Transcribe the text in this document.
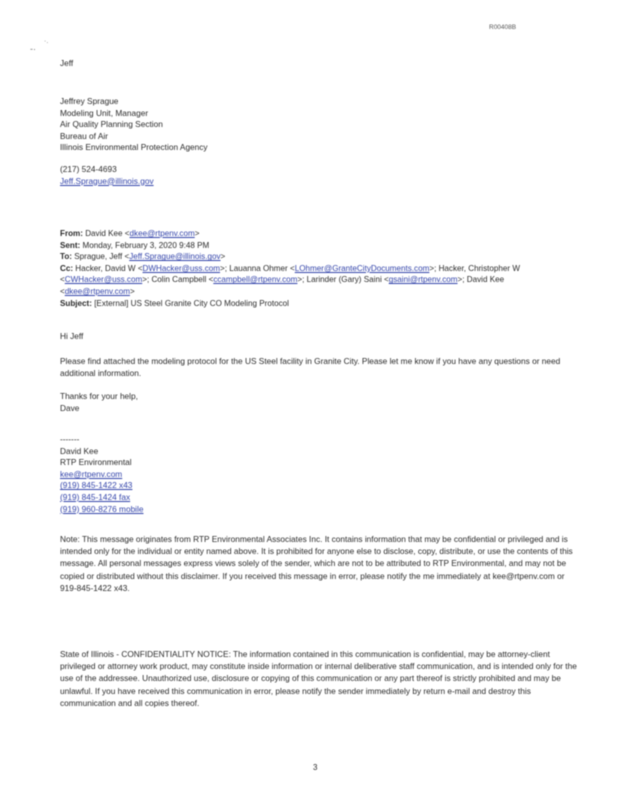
R00408B
-·
·.
Jeff
Jeffrey Sprague
Modeling Unit, Manager
Air Quality Planning Section
Bureau of Air
Illinois Environmental Protection Agency
(217) 524-4693
Jeff.Sprague@illinois.gov
From: David Kee <dkee@rtpenv.com>
Sent: Monday, February 3, 2020 9:48 PM
To: Sprague, Jeff <Jeff.Sprague@illinois.gov>
Cc: Hacker, David W <DWHacker@uss.com>; Lauanna Ohmer <LOhmer@GranteCityDocuments.com>; Hacker, Christopher W <CWHacker@uss.com>; Colin Campbell <ccampbell@rtpenv.com>; Larinder (Gary) Saini <gsaini@rtpenv.com>; David Kee <dkee@rtpenv.com>
Subject: [External] US Steel Granite City CO Modeling Protocol
Hi Jeff
Please find attached the modeling protocol for the US Steel facility in Granite City. Please let me know if you have any questions or need additional information.
Thanks for your help,
Dave
-------
David Kee
RTP Environmental
kee@rtpenv.com
(919) 845-1422 x43
(919) 845-1424 fax
(919) 960-8276 mobile
Note: This message originates from RTP Environmental Associates Inc. It contains information that may be confidential or privileged and is intended only for the individual or entity named above. It is prohibited for anyone else to disclose, copy, distribute, or use the contents of this message. All personal messages express views solely of the sender, which are not to be attributed to RTP Environmental, and may not be copied or distributed without this disclaimer. If you received this message in error, please notify the me immediately at kee@rtpenv.com or 919-845-1422 x43.
State of Illinois - CONFIDENTIALITY NOTICE: The information contained in this communication is confidential, may be attorney-client privileged or attorney work product, may constitute inside information or internal deliberative staff communication, and is intended only for the use of the addressee. Unauthorized use, disclosure or copying of this communication or any part thereof is strictly prohibited and may be unlawful. If you have received this communication in error, please notify the sender immediately by return e-mail and destroy this communication and all copies thereof.
3
